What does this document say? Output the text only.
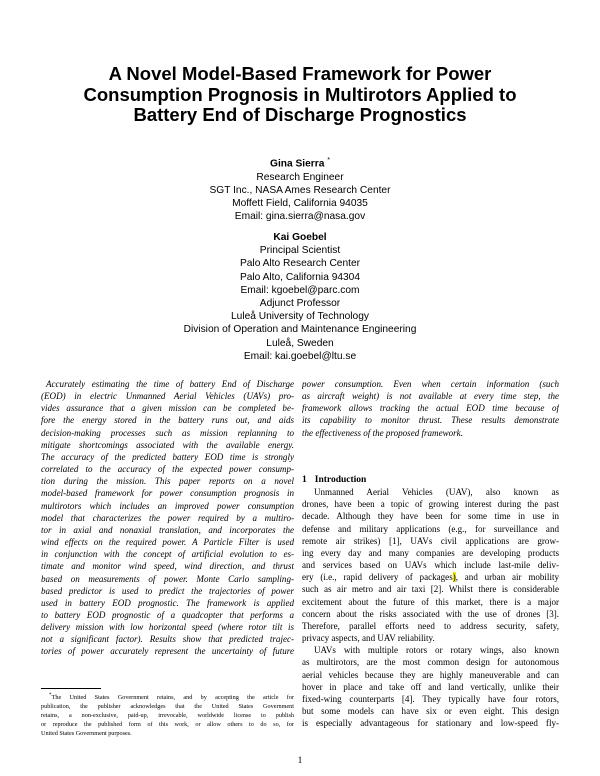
A Novel Model-Based Framework for Power
Consumption Prognosis in Multirotors Applied to
Battery End of Discharge Prognostics
Gina Sierra *
Research Engineer
SGT Inc., NASA Ames Research Center
Moffett Field, California 94035
Email: gina.sierra@nasa.gov
Kai Goebel
Principal Scientist
Palo Alto Research Center
Palo Alto, California 94304
Email: kgoebel@parc.com
Adjunct Professor
Luleå University of Technology
Division of Operation and Maintenance Engineering
Luleå, Sweden
Email: kai.goebel@ltu.se
Accurately estimating the time of battery End of Discharge
(EOD) in electric Unmanned Aerial Vehicles (UAVs) pro-
vides assurance that a given mission can be completed be-
fore the energy stored in the battery runs out, and aids
decision-making processes such as mission replanning to
mitigate shortcomings associated with the available energy.
The accuracy of the predicted battery EOD time is strongly
correlated to the accuracy of the expected power consump-
tion during the mission. This paper reports on a novel
model-based framework for power consumption prognosis in
multirotors which includes an improved power consumption
model that characterizes the power required by a multiro-
tor in axial and nonaxial translation, and incorporates the
wind effects on the required power. A Particle Filter is used
in conjunction with the concept of artificial evolution to es-
timate and monitor wind speed, wind direction, and thrust
based on measurements of power. Monte Carlo sampling-
based predictor is used to predict the trajectories of power
used in battery EOD prognostic. The framework is applied
to battery EOD prognostic of a quadcopter that performs a
delivery mission with low horizontal speed (where rotor tilt is
not a significant factor). Results show that predicted trajec-
tories of power accurately represent the uncertainty of future
power consumption. Even when certain information (such
as aircraft weight) is not available at every time step, the
framework allows tracking the actual EOD time because of
its capability to monitor thrust. These results demonstrate
the effectiveness of the proposed framework.
1 Introduction
Unmanned Aerial Vehicles (UAV), also known as
drones, have been a topic of growing interest during the past
decade. Although they have been for some time in use in
defense and military applications (e.g., for surveillance and
remote air strikes) [1], UAVs civil applications are grow-
ing every day and many companies are developing products
and services based on UAVs which include last-mile deliv-
ery (i.e., rapid delivery of packages), and urban air mobility
such as air metro and air taxi [2]. Whilst there is considerable
excitement about the future of this market, there is a major
concern about the risks associated with the use of drones [3].
Therefore, parallel efforts need to address security, safety,
privacy aspects, and UAV reliability.
UAVs with multiple rotors or rotary wings, also known
as multirotors, are the most common design for autonomous
aerial vehicles because they are highly maneuverable and can
hover in place and take off and land vertically, unlike their
fixed-wing counterparts [4]. They typically have four rotors,
but some models can have six or even eight. This design
is especially advantageous for stationary and low-speed fly-
*The United States Government retains, and by accepting the article for
publication, the publisher acknowledges that the United States Government
retains, a non-exclusive, paid-up, irrevocable, worldwide license to publish
or reproduce the published form of this work, or allow others to do so, for
United States Government purposes.
1
